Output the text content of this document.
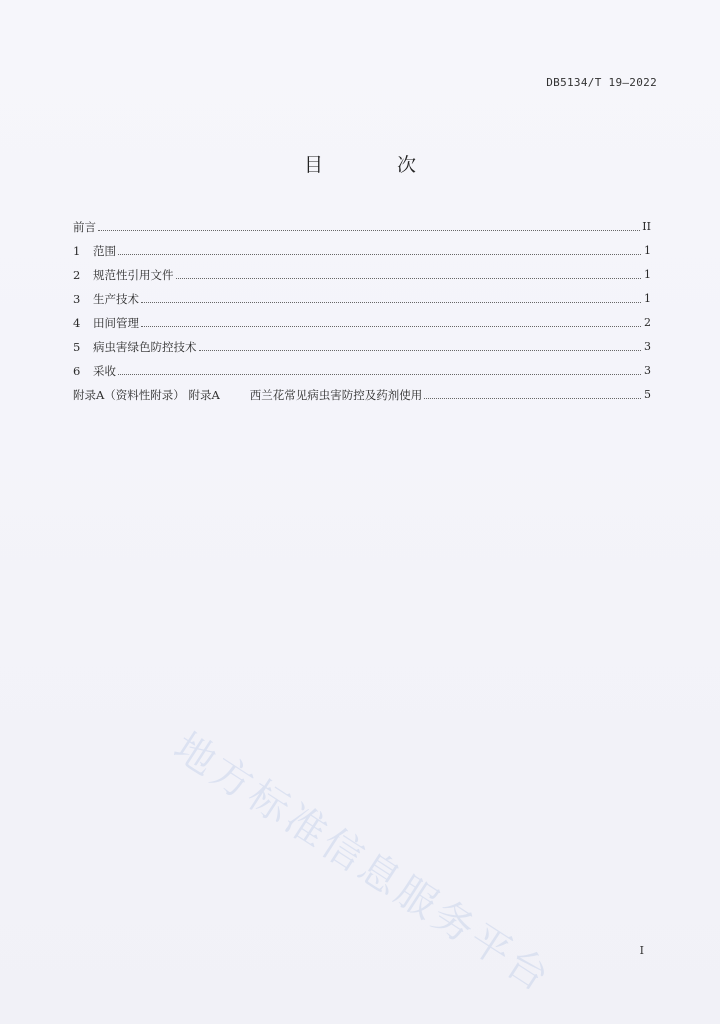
DB5134/T 19—2022
目 次
前言	II
1	范围	1
2	规范性引用文件	1
3	生产技术	1
4	田间管理	2
5	病虫害绿色防控技术	3
6	采收	3
附录A（资料性附录） 附录A	西兰花常见病虫害防控及药剂使用	5
地方标准信息服务平台	I
